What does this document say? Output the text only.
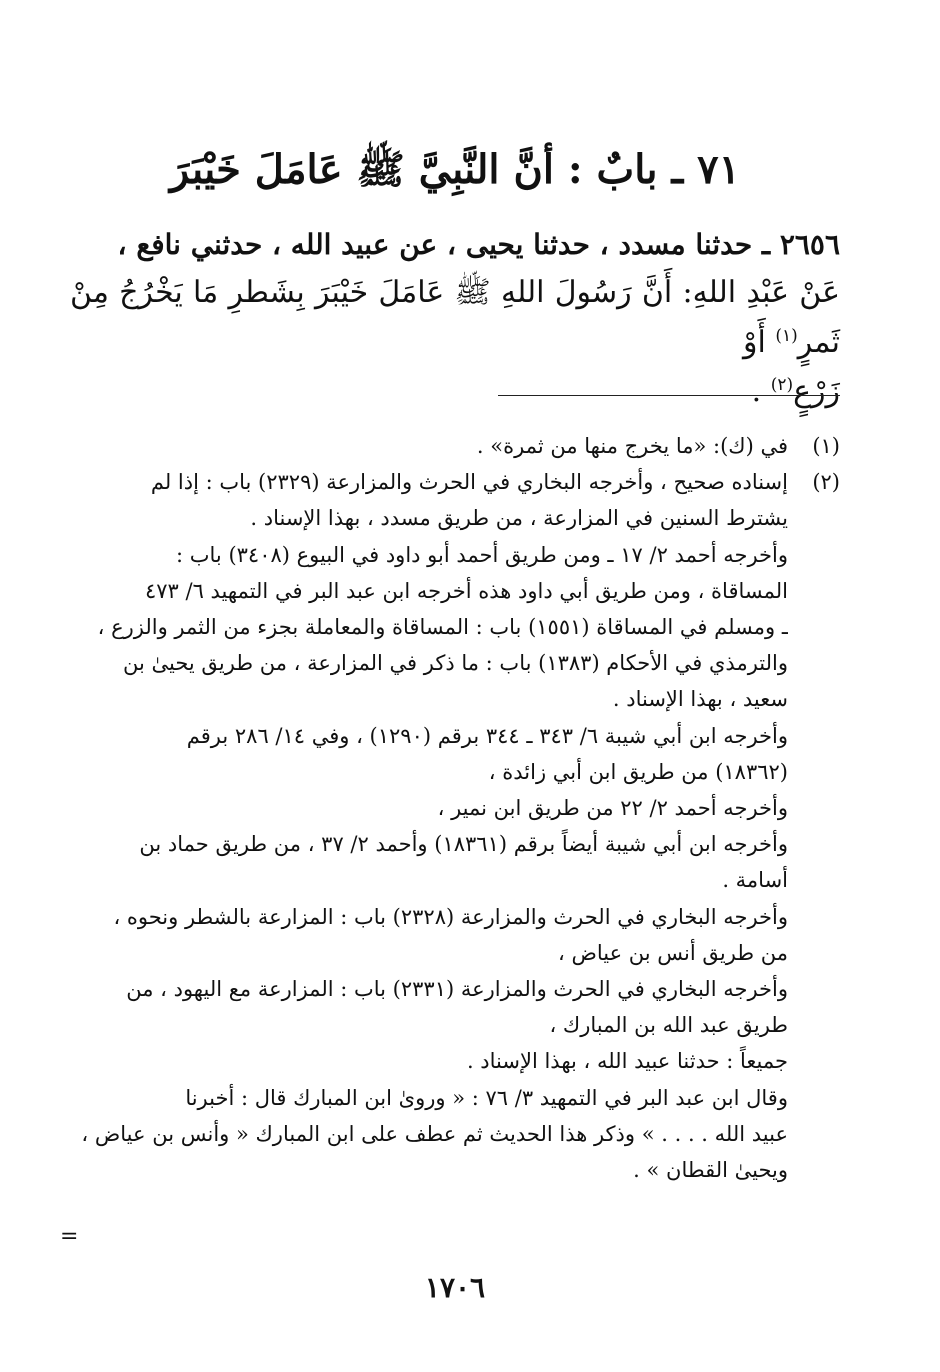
٧١ ـ بابٌ : أنَّ النَّبِيَّ ﷺ عَامَلَ خَيْبَرَ
٢٦٥٦ ـ حدثنا مسدد ، حدثنا يحيى ، عن عبيد الله ، حدثني نافع ،
عَنْ عَبْدِ اللهِ: أَنَّ رَسُولَ اللهِ ﷺ عَامَلَ خَيْبَرَ بِشَطرِ مَا يَخْرُجُ مِنْ ثَمرٍ$^{(١)}$ أَوْ
زَرْعٍ$^{(٢)}$ .
(١)
في (ك): «ما يخرج منها من ثمرة» .
(٢)
إسناده صحيح ، وأخرجه البخاري في الحرث والمزارعة (٢٣٢٩) باب : إذا لم
يشترط السنين في المزارعة ، من طريق مسدد ، بهذا الإسناد .
وأخرجه أحمد ٢/ ١٧ ـ ومن طريق أحمد أبو داود في البيوع (٣٤٠٨) باب :
المساقاة ، ومن طريق أبي داود هذه أخرجه ابن عبد البر في التمهيد ٦/ ٤٧٣
ـ ومسلم في المساقاة (١٥٥١) باب : المساقاة والمعاملة بجزء من الثمر والزرع ،
والترمذي في الأحكام (١٣٨٣) باب : ما ذكر في المزارعة ، من طريق يحيىٰ بن
سعيد ، بهذا الإسناد .
وأخرجه ابن أبي شيبة ٦/ ٣٤٣ ـ ٣٤٤ برقم (١٢٩٠) ، وفي ١٤/ ٢٨٦ برقم
(١٨٣٦٢) من طريق ابن أبي زائدة ،
وأخرجه أحمد ٢/ ٢٢ من طريق ابن نمير ،
وأخرجه ابن أبي شيبة أيضاً برقم (١٨٣٦١) وأحمد ٢/ ٣٧ ، من طريق حماد بن
أسامة .
وأخرجه البخاري في الحرث والمزارعة (٢٣٢٨) باب : المزارعة بالشطر ونحوه ،
من طريق أنس بن عياض ،
وأخرجه البخاري في الحرث والمزارعة (٢٣٣١) باب : المزارعة مع اليهود ، من
طريق عبد الله بن المبارك ،
جميعاً : حدثنا عبيد الله ، بهذا الإسناد .
وقال ابن عبد البر في التمهيد ٣/ ٧٦ : « وروىٰ ابن المبارك قال : أخبرنا
عبيد الله . . . . » وذكر هذا الحديث ثم عطف على ابن المبارك « وأنس بن عياض ،
ويحيىٰ القطان » .
=
١٧٠٦
